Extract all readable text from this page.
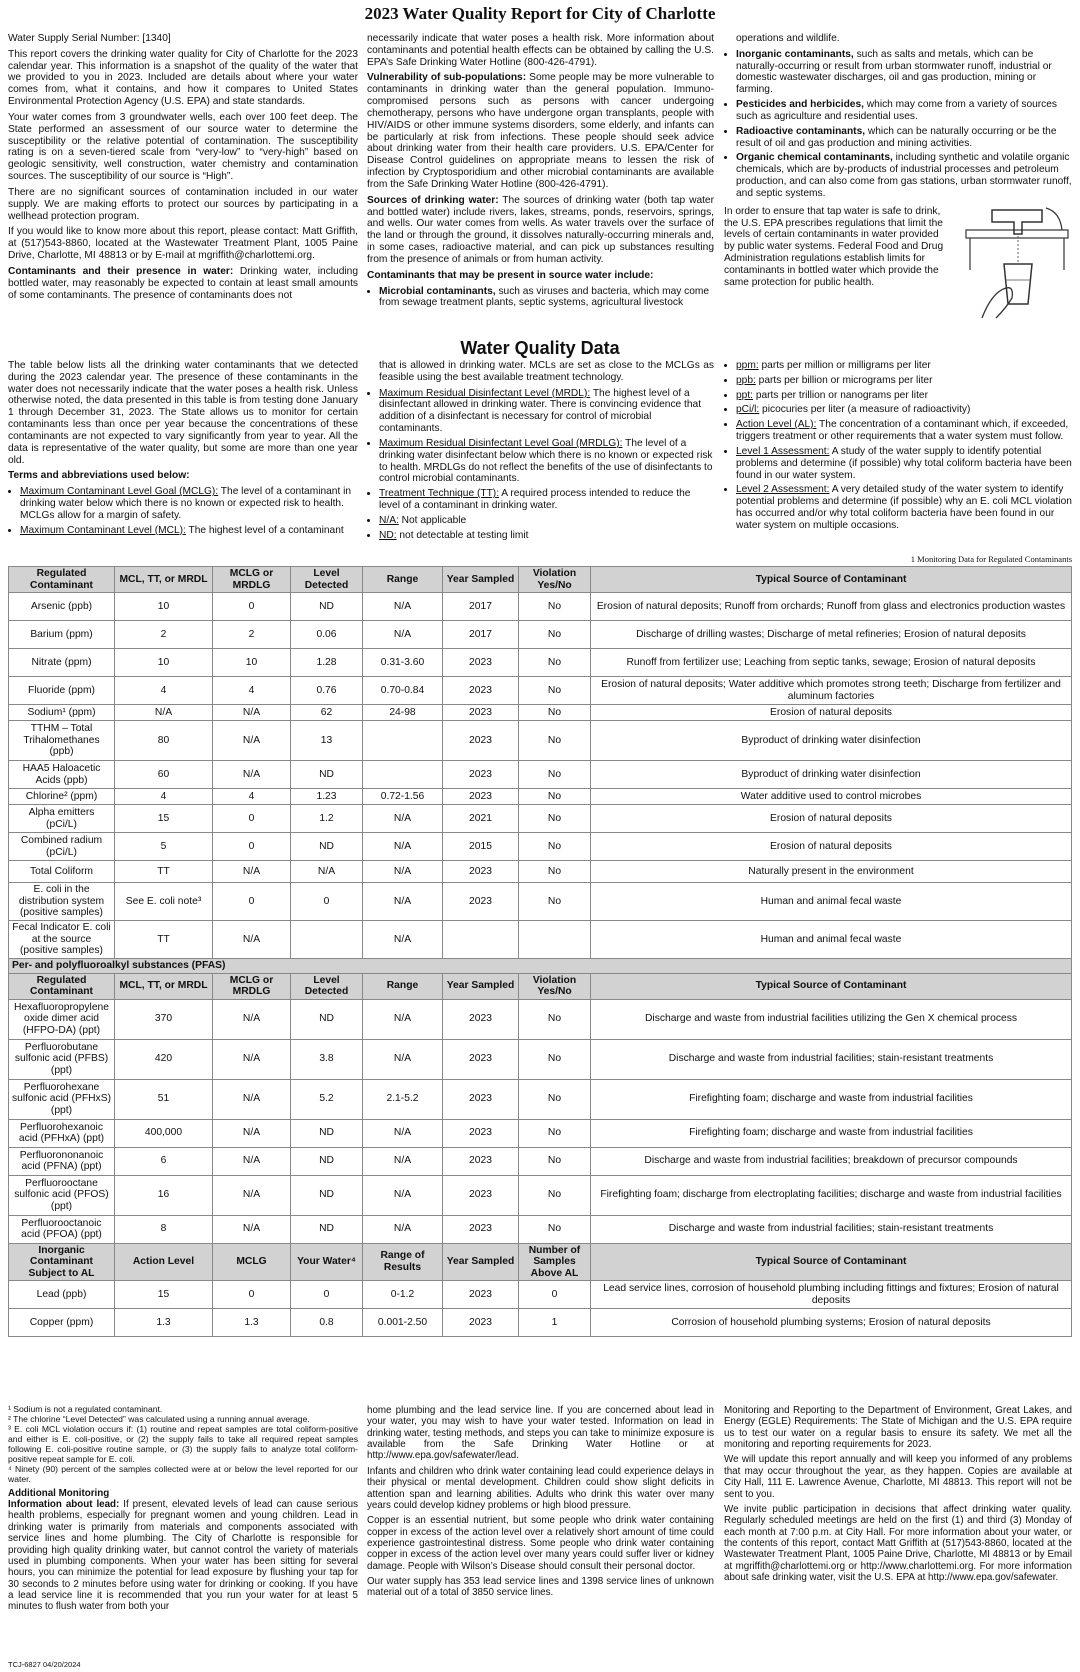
2023 Water Quality Report for City of Charlotte

Water Supply Serial Number: [1340]

This report covers the drinking water quality for City of Charlotte for the 2023 calendar year. This information is a snapshot of the quality of the water that we provided to you in 2023. Included are details about where your water comes from, what it contains, and how it compares to United States Environmental Protection Agency (U.S. EPA) and state standards.

Your water comes from 3 groundwater wells, each over 100 feet deep. The State performed an assessment of our source water to determine the susceptibility or the relative potential of contamination. The susceptibility rating is on a seven-tiered scale from “very-low” to “very-high” based on geologic sensitivity, well construction, water chemistry and contamination sources. The susceptibility of our source is “High”.

There are no significant sources of contamination included in our water supply. We are making efforts to protect our sources by participating in a wellhead protection program.

If you would like to know more about this report, please contact: Matt Griffith, at (517)543-8860, located at the Wastewater Treatment Plant, 1005 Paine Drive, Charlotte, MI 48813 or by E-mail at mgriffith@charlottemi.org.

Contaminants and their presence in water: Drinking water, including bottled water, may reasonably be expected to contain at least small amounts of some contaminants. The presence of contaminants does not

necessarily indicate that water poses a health risk. More information about contaminants and potential health effects can be obtained by calling the U.S. EPA’s Safe Drinking Water Hotline (800-426-4791).

Vulnerability of sub-populations: Some people may be more vulnerable to contaminants in drinking water than the general population. Immuno-compromised persons such as persons with cancer undergoing chemotherapy, persons who have undergone organ transplants, people with HIV/AIDS or other immune systems disorders, some elderly, and infants can be particularly at risk from infections. These people should seek advice about drinking water from their health care providers. U.S. EPA/Center for Disease Control guidelines on appropriate means to lessen the risk of infection by Cryptosporidium and other microbial contaminants are available from the Safe Drinking Water Hotline (800-426-4791).

Sources of drinking water: The sources of drinking water (both tap water and bottled water) include rivers, lakes, streams, ponds, reservoirs, springs, and wells. Our water comes from wells. As water travels over the surface of the land or through the ground, it dissolves naturally-occurring minerals and, in some cases, radioactive material, and can pick up substances resulting from the presence of animals or from human activity.

Contaminants that may be present in source water include:

• Microbial contaminants, such as viruses and bacteria, which may come from sewage treatment plants, septic systems, agricultural livestock

operations and wildlife.

• Inorganic contaminants, such as salts and metals, which can be naturally-occurring or result from urban stormwater runoff, industrial or domestic wastewater discharges, oil and gas production, mining or farming.
• Pesticides and herbicides, which may come from a variety of sources such as agriculture and residential uses.
• Radioactive contaminants, which can be naturally occurring or be the result of oil and gas production and mining activities.
• Organic chemical contaminants, including synthetic and volatile organic chemicals, which are by-products of industrial processes and petroleum production, and can also come from gas stations, urban stormwater runoff, and septic systems.

In order to ensure that tap water is safe to drink, the U.S. EPA prescribes regulations that limit the levels of certain contaminants in water provided by public water systems. Federal Food and Drug Administration regulations establish limits for contaminants in bottled water which provide the same protection for public health.

Water Quality Data

The table below lists all the drinking water contaminants that we detected during the 2023 calendar year. The presence of these contaminants in the water does not necessarily indicate that the water poses a health risk. Unless otherwise noted, the data presented in this table is from testing done January 1 through December 31, 2023. The State allows us to monitor for certain contaminants less than once per year because the concentrations of these contaminants are not expected to vary significantly from year to year. All the data is representative of the water quality, but some are more than one year old.

Terms and abbreviations used below:

• Maximum Contaminant Level Goal (MCLG): The level of a contaminant in drinking water below which there is no known or expected risk to health. MCLGs allow for a margin of safety.
• Maximum Contaminant Level (MCL): The highest level of a contaminant

that is allowed in drinking water. MCLs are set as close to the MCLGs as feasible using the best available treatment technology.

• Maximum Residual Disinfectant Level (MRDL): The highest level of a disinfectant allowed in drinking water. There is convincing evidence that addition of a disinfectant is necessary for control of microbial contaminants.
• Maximum Residual Disinfectant Level Goal (MRDLG): The level of a drinking water disinfectant below which there is no known or expected risk to health. MRDLGs do not reflect the benefits of the use of disinfectants to control microbial contaminants.
• Treatment Technique (TT): A required process intended to reduce the level of a contaminant in drinking water.
• N/A: Not applicable
• ND: not detectable at testing limit
• ppm: parts per million or milligrams per liter
• ppb: parts per billion or micrograms per liter
• ppt: parts per trillion or nanograms per liter
• pCi/l: picocuries per liter (a measure of radioactivity)
• Action Level (AL): The concentration of a contaminant which, if exceeded, triggers treatment or other requirements that a water system must follow.
• Level 1 Assessment: A study of the water supply to identify potential problems and determine (if possible) why total coliform bacteria have been found in our water system.
• Level 2 Assessment: A very detailed study of the water system to identify potential problems and determine (if possible) why an E. coli MCL violation has occurred and/or why total coliform bacteria have been found in our water system on multiple occasions.
1 Monitoring Data for Regulated Contaminants
Regulated Contaminant	MCL, TT, or MRDL	MCLG or MRDLG	Level Detected	Range	Year Sampled	Violation Yes/No	Typical Source of Contaminant
Arsenic (ppb)	10	0	ND	N/A	2017	No	Erosion of natural deposits; Runoff from orchards; Runoff from glass and electronics production wastes
Barium (ppm)	2	2	0.06	N/A	2017	No	Discharge of drilling wastes; Discharge of metal refineries; Erosion of natural deposits
Nitrate (ppm)	10	10	1.28	0.31-3.60	2023	No	Runoff from fertilizer use; Leaching from septic tanks, sewage; Erosion of natural deposits
Fluoride (ppm)	4	4	0.76	0.70-0.84	2023	No	Erosion of natural deposits; Water additive which promotes strong teeth; Discharge from fertilizer and aluminum factories
Sodium¹ (ppm)	N/A	N/A	62	24-98	2023	No	Erosion of natural deposits
TTHM – Total Trihalomethanes (ppb)	80	N/A	13		2023	No	Byproduct of drinking water disinfection
HAA5 Haloacetic Acids (ppb)	60	N/A	ND		2023	No	Byproduct of drinking water disinfection
Chlorine² (ppm)	4	4	1.23	0.72-1.56	2023	No	Water additive used to control microbes
Alpha emitters (pCi/L)	15	0	1.2	N/A	2021	No	Erosion of natural deposits
Combined radium (pCi/L)	5	0	ND	N/A	2015	No	Erosion of natural deposits
Total Coliform	TT	N/A	N/A	N/A	2023	No	Naturally present in the environment
E. coli in the distribution system (positive samples)	See E. coli note³	0	0	N/A	2023	No	Human and animal fecal waste
Fecal Indicator E. coli at the source (positive samples)	TT	N/A		N/A			Human and animal fecal waste
Per- and polyfluoroalkyl substances (PFAS)							
Regulated Contaminant	MCL, TT, or MRDL	MCLG or MRDLG	Level Detected	Range	Year Sampled	Violation Yes/No	Typical Source of Contaminant
Hexafluoropropylene oxide dimer acid (HFPO-DA) (ppt)	370	N/A	ND	N/A	2023	No	Discharge and waste from industrial facilities utilizing the Gen X chemical process
Perfluorobutane sulfonic acid (PFBS) (ppt)	420	N/A	3.8	N/A	2023	No	Discharge and waste from industrial facilities; stain-resistant treatments
Perfluorohexane sulfonic acid (PFHxS) (ppt)	51	N/A	5.2	2.1-5.2	2023	No	Firefighting foam; discharge and waste from industrial facilities
Perfluorohexanoic acid (PFHxA) (ppt)	400,000	N/A	ND	N/A	2023	No	Firefighting foam; discharge and waste from industrial facilities
Perfluorononanoic acid (PFNA) (ppt)	6	N/A	ND	N/A	2023	No	Discharge and waste from industrial facilities; breakdown of precursor compounds
Perfluorooctane sulfonic acid (PFOS) (ppt)	16	N/A	ND	N/A	2023	No	Firefighting foam; discharge from electroplating facilities; discharge and waste from industrial facilities
Perfluorooctanoic acid (PFOA) (ppt)	8	N/A	ND	N/A	2023	No	Discharge and waste from industrial facilities; stain-resistant treatments
Inorganic Contaminant Subject to AL	Action Level	MCLG	Your Water⁴	Range of Results	Year Sampled	Number of Samples Above AL	Typical Source of Contaminant
Lead (ppb)	15	0	0	0-1.2	2023	0	Lead service lines, corrosion of household plumbing including fittings and fixtures; Erosion of natural deposits
Copper (ppm)	1.3	1.3	0.8	0.001-2.50	2023	1	Corrosion of household plumbing systems; Erosion of natural deposits

¹ Sodium is not a regulated contaminant.

² The chlorine “Level Detected” was calculated using a running annual average.

³ E. coli MCL violation occurs if: (1) routine and repeat samples are total coliform-positive and either is E. coli-positive, or (2) the supply fails to take all required repeat samples following E. coli-positive routine sample, or (3) the supply fails to analyze total coliform-positive repeat sample for E. coli.

⁴ Ninety (90) percent of the samples collected were at or below the level reported for our water.

Additional Monitoring

Information about lead: If present, elevated levels of lead can cause serious health problems, especially for pregnant women and young children. Lead in drinking water is primarily from materials and components associated with service lines and home plumbing. The City of Charlotte is responsible for providing high quality drinking water, but cannot control the variety of materials used in plumbing components. When your water has been sitting for several hours, you can minimize the potential for lead exposure by flushing your tap for 30 seconds to 2 minutes before using water for drinking or cooking. If you have a lead service line it is recommended that you run your water for at least 5 minutes to flush water from both your

home plumbing and the lead service line. If you are concerned about lead in your water, you may wish to have your water tested. Information on lead in drinking water, testing methods, and steps you can take to minimize exposure is available from the Safe Drinking Water Hotline or at http://www.epa.gov/safewater/lead.

Infants and children who drink water containing lead could experience delays in their physical or mental development. Children could show slight deficits in attention span and learning abilities. Adults who drink this water over many years could develop kidney problems or high blood pressure.

Copper is an essential nutrient, but some people who drink water containing copper in excess of the action level over a relatively short amount of time could experience gastrointestinal distress. Some people who drink water containing copper in excess of the action level over many years could suffer liver or kidney damage. People with Wilson’s Disease should consult their personal doctor.

Our water supply has 353 lead service lines and 1398 service lines of unknown material out of a total of 3850 service lines.

Monitoring and Reporting to the Department of Environment, Great Lakes, and Energy (EGLE) Requirements: The State of Michigan and the U.S. EPA require us to test our water on a regular basis to ensure its safety. We met all the monitoring and reporting requirements for 2023.

We will update this report annually and will keep you informed of any problems that may occur throughout the year, as they happen. Copies are available at City Hall, 111 E. Lawrence Avenue, Charlotte, MI 48813. This report will not be sent to you.

We invite public participation in decisions that affect drinking water quality. Regularly scheduled meetings are held on the first (1) and third (3) Monday of each month at 7:00 p.m. at City Hall. For more information about your water, or the contents of this report, contact Matt Griffith at (517)543-8860, located at the Wastewater Treatment Plant, 1005 Paine Drive, Charlotte, MI 48813 or by Email at mgriffith@charlottemi.org or http://www.charlottemi.org. For more information about safe drinking water, visit the U.S. EPA at http://www.epa.gov/safewater.

TCJ-6827 04/20/2024
